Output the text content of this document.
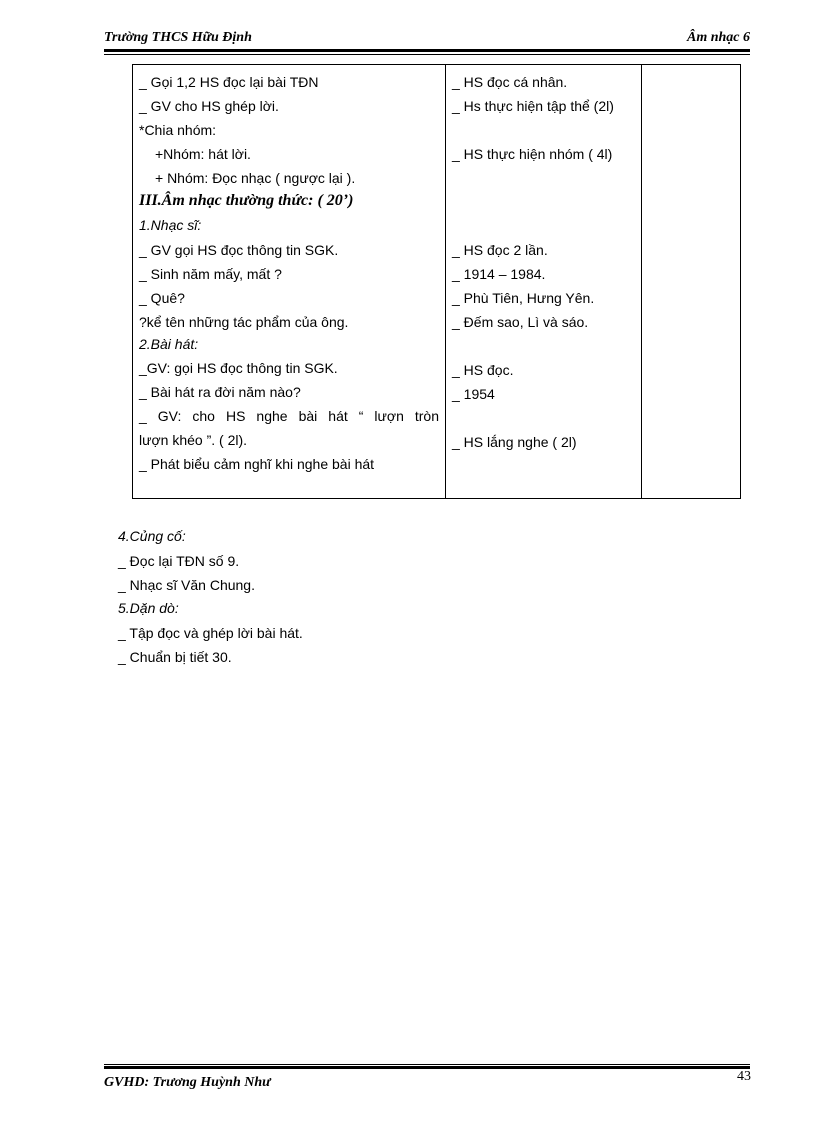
Trường THCS Hữu Định	Âm nhạc 6
_ Gọi 1,2 HS đọc lại bài TĐN
_ GV cho HS ghép lời.
*Chia nhóm:
+Nhóm: hát lời.
+ Nhóm: Đọc nhạc ( ngược lại ).
III.Âm nhạc thường thức: ( 20’)
1.Nhạc sĩ:
_ GV gọi HS đọc thông tin SGK.
_ Sinh năm mấy, mất ?
_ Quê?
?kể tên những tác phẩm của ông.
2.Bài hát:
_GV: gọi HS đọc thông tin SGK.
_ Bài hát ra đời năm nào?
_ GV: cho HS nghe bài hát “ lượn tròn
lượn khéo ”. ( 2l).
_ Phát biểu cảm nghĩ khi nghe bài hát
_ HS đọc cá nhân.
_ Hs thực hiện tập thể (2l)
_ HS thực hiện nhóm ( 4l)
_ HS đọc 2 lần.
_ 1914 – 1984.
_ Phù Tiên, Hưng Yên.
_ Đếm sao, Lì và sáo.
_ HS đọc.
_ 1954
_ HS lắng nghe ( 2l)
4.Củng cố:
_ Đọc lại TĐN số 9.
_ Nhạc sĩ Văn Chung.
5.Dặn dò:
_ Tập đọc và ghép lời bài hát.
_ Chuẩn bị tiết 30.
GVHD: Trương Huỳnh Như	43
